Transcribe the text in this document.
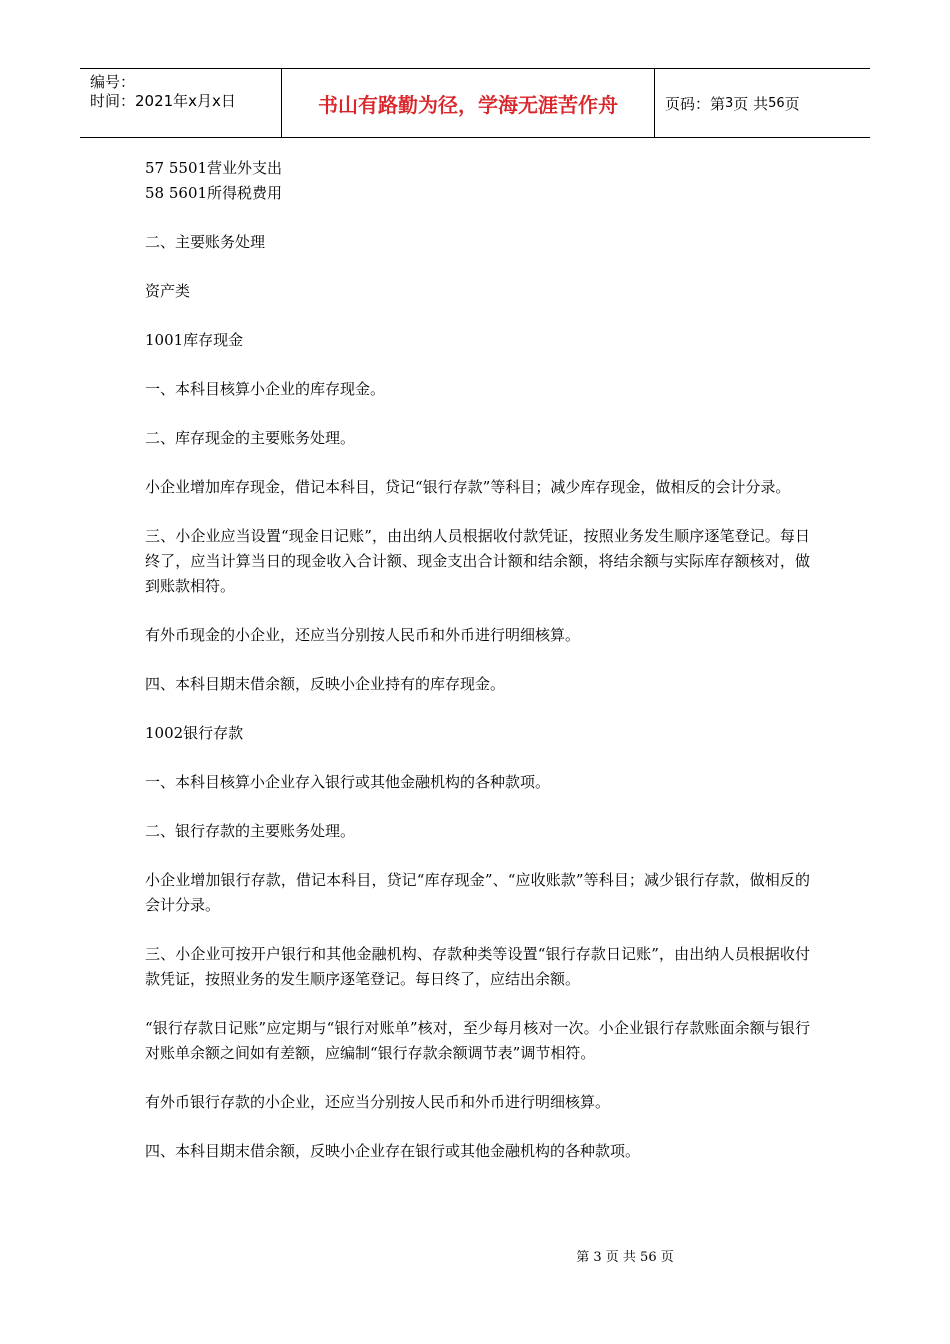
编号：
时间：2021年x月x日	书山有路勤为径，学海无涯苦作舟	页码：第 3 页 共 56 页

57 5501营业外支出

58 5601所得税费用

二、主要账务处理

资产类

1001库存现金

一、本科目核算小企业的库存现金。

二、库存现金的主要账务处理。

小企业增加库存现金，借记本科目，贷记“银行存款”等科目；减少库存现金，做相反的会计分录。

三、小企业应当设置“现金日记账”，由出纳人员根据收付款凭证，按照业务发生顺序逐笔登记。每日终了，应当计算当日的现金收入合计额、现金支出合计额和结余额，将结余额与实际库存额核对，做到账款相符。

有外币现金的小企业，还应当分别按人民币和外币进行明细核算。

四、本科目期末借余额，反映小企业持有的库存现金。

1002银行存款

一、本科目核算小企业存入银行或其他金融机构的各种款项。

二、银行存款的主要账务处理。

小企业增加银行存款，借记本科目，贷记“库存现金”、“应收账款”等科目；减少银行存款，做相反的会计分录。

三、小企业可按开户银行和其他金融机构、存款种类等设置“银行存款日记账”，由出纳人员根据收付款凭证，按照业务的发生顺序逐笔登记。每日终了，应结出余额。

“银行存款日记账”应定期与“银行对账单”核对，至少每月核对一次。小企业银行存款账面余额与银行对账单余额之间如有差额，应编制“银行存款余额调节表”调节相符。

有外币银行存款的小企业，还应当分别按人民币和外币进行明细核算。

四、本科目期末借余额，反映小企业存在银行或其他金融机构的各种款项。

第 3 页 共 56 页
